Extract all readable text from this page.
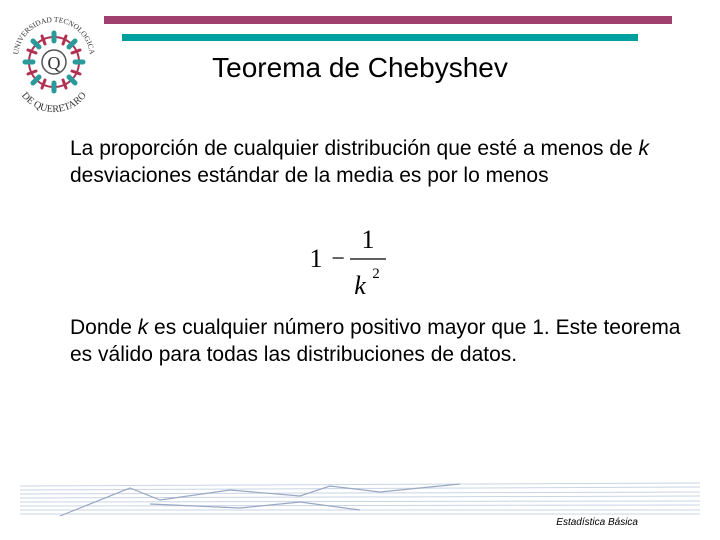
Q
UNIVERSIDAD TECNOLOGICA
DE QUERETARO
Teorema de Chebyshev

La proporción de cualquier distribución que esté a menos de k desviaciones estándar de la media es por lo menos

1 −
1
k 2

Donde k es cualquier número positivo mayor que 1. Este teorema es válido para todas las distribuciones de datos.

Estadística Básica
